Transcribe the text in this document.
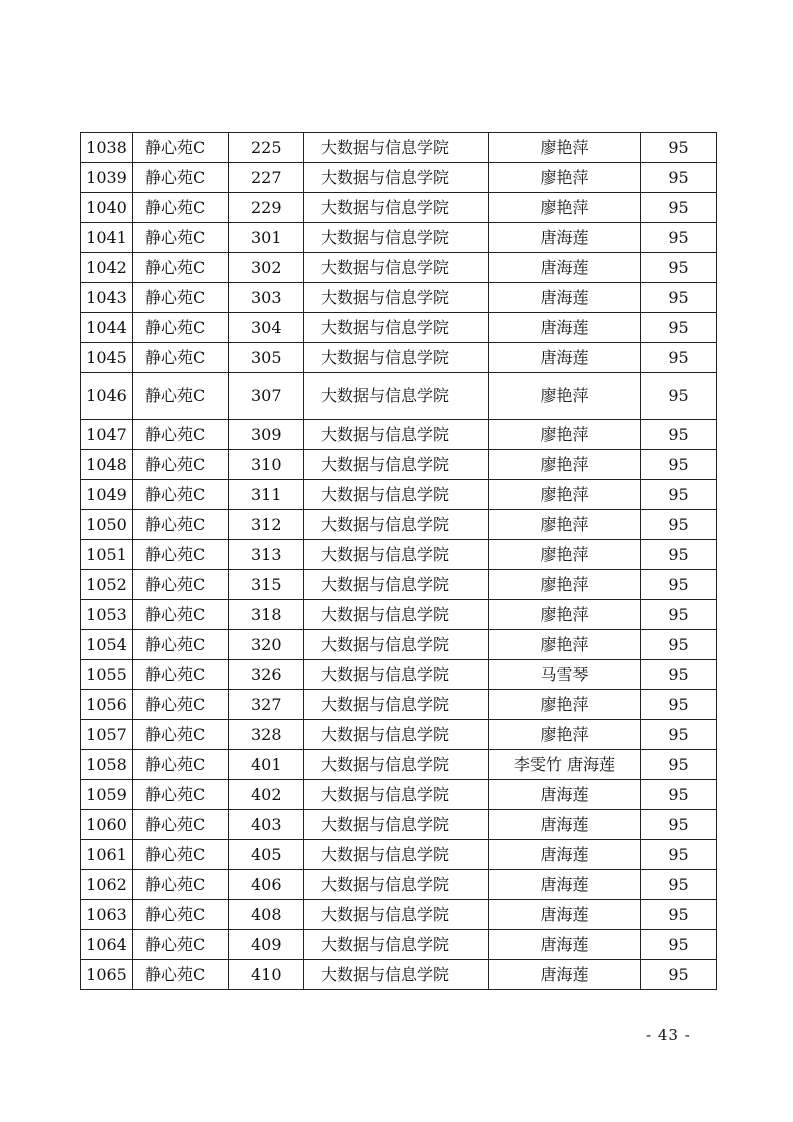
1038	静心苑C	225	大数据与信息学院	廖艳萍	95
1039	静心苑C	227	大数据与信息学院	廖艳萍	95
1040	静心苑C	229	大数据与信息学院	廖艳萍	95
1041	静心苑C	301	大数据与信息学院	唐海莲	95
1042	静心苑C	302	大数据与信息学院	唐海莲	95
1043	静心苑C	303	大数据与信息学院	唐海莲	95
1044	静心苑C	304	大数据与信息学院	唐海莲	95
1045	静心苑C	305	大数据与信息学院	唐海莲	95
1046	静心苑C	307	大数据与信息学院	廖艳萍	95
1047	静心苑C	309	大数据与信息学院	廖艳萍	95
1048	静心苑C	310	大数据与信息学院	廖艳萍	95
1049	静心苑C	311	大数据与信息学院	廖艳萍	95
1050	静心苑C	312	大数据与信息学院	廖艳萍	95
1051	静心苑C	313	大数据与信息学院	廖艳萍	95
1052	静心苑C	315	大数据与信息学院	廖艳萍	95
1053	静心苑C	318	大数据与信息学院	廖艳萍	95
1054	静心苑C	320	大数据与信息学院	廖艳萍	95
1055	静心苑C	326	大数据与信息学院	马雪琴	95
1056	静心苑C	327	大数据与信息学院	廖艳萍	95
1057	静心苑C	328	大数据与信息学院	廖艳萍	95
1058	静心苑C	401	大数据与信息学院	李雯竹 唐海莲	95
1059	静心苑C	402	大数据与信息学院	唐海莲	95
1060	静心苑C	403	大数据与信息学院	唐海莲	95
1061	静心苑C	405	大数据与信息学院	唐海莲	95
1062	静心苑C	406	大数据与信息学院	唐海莲	95
1063	静心苑C	408	大数据与信息学院	唐海莲	95
1064	静心苑C	409	大数据与信息学院	唐海莲	95
1065	静心苑C	410	大数据与信息学院	唐海莲	95
- 43 -
